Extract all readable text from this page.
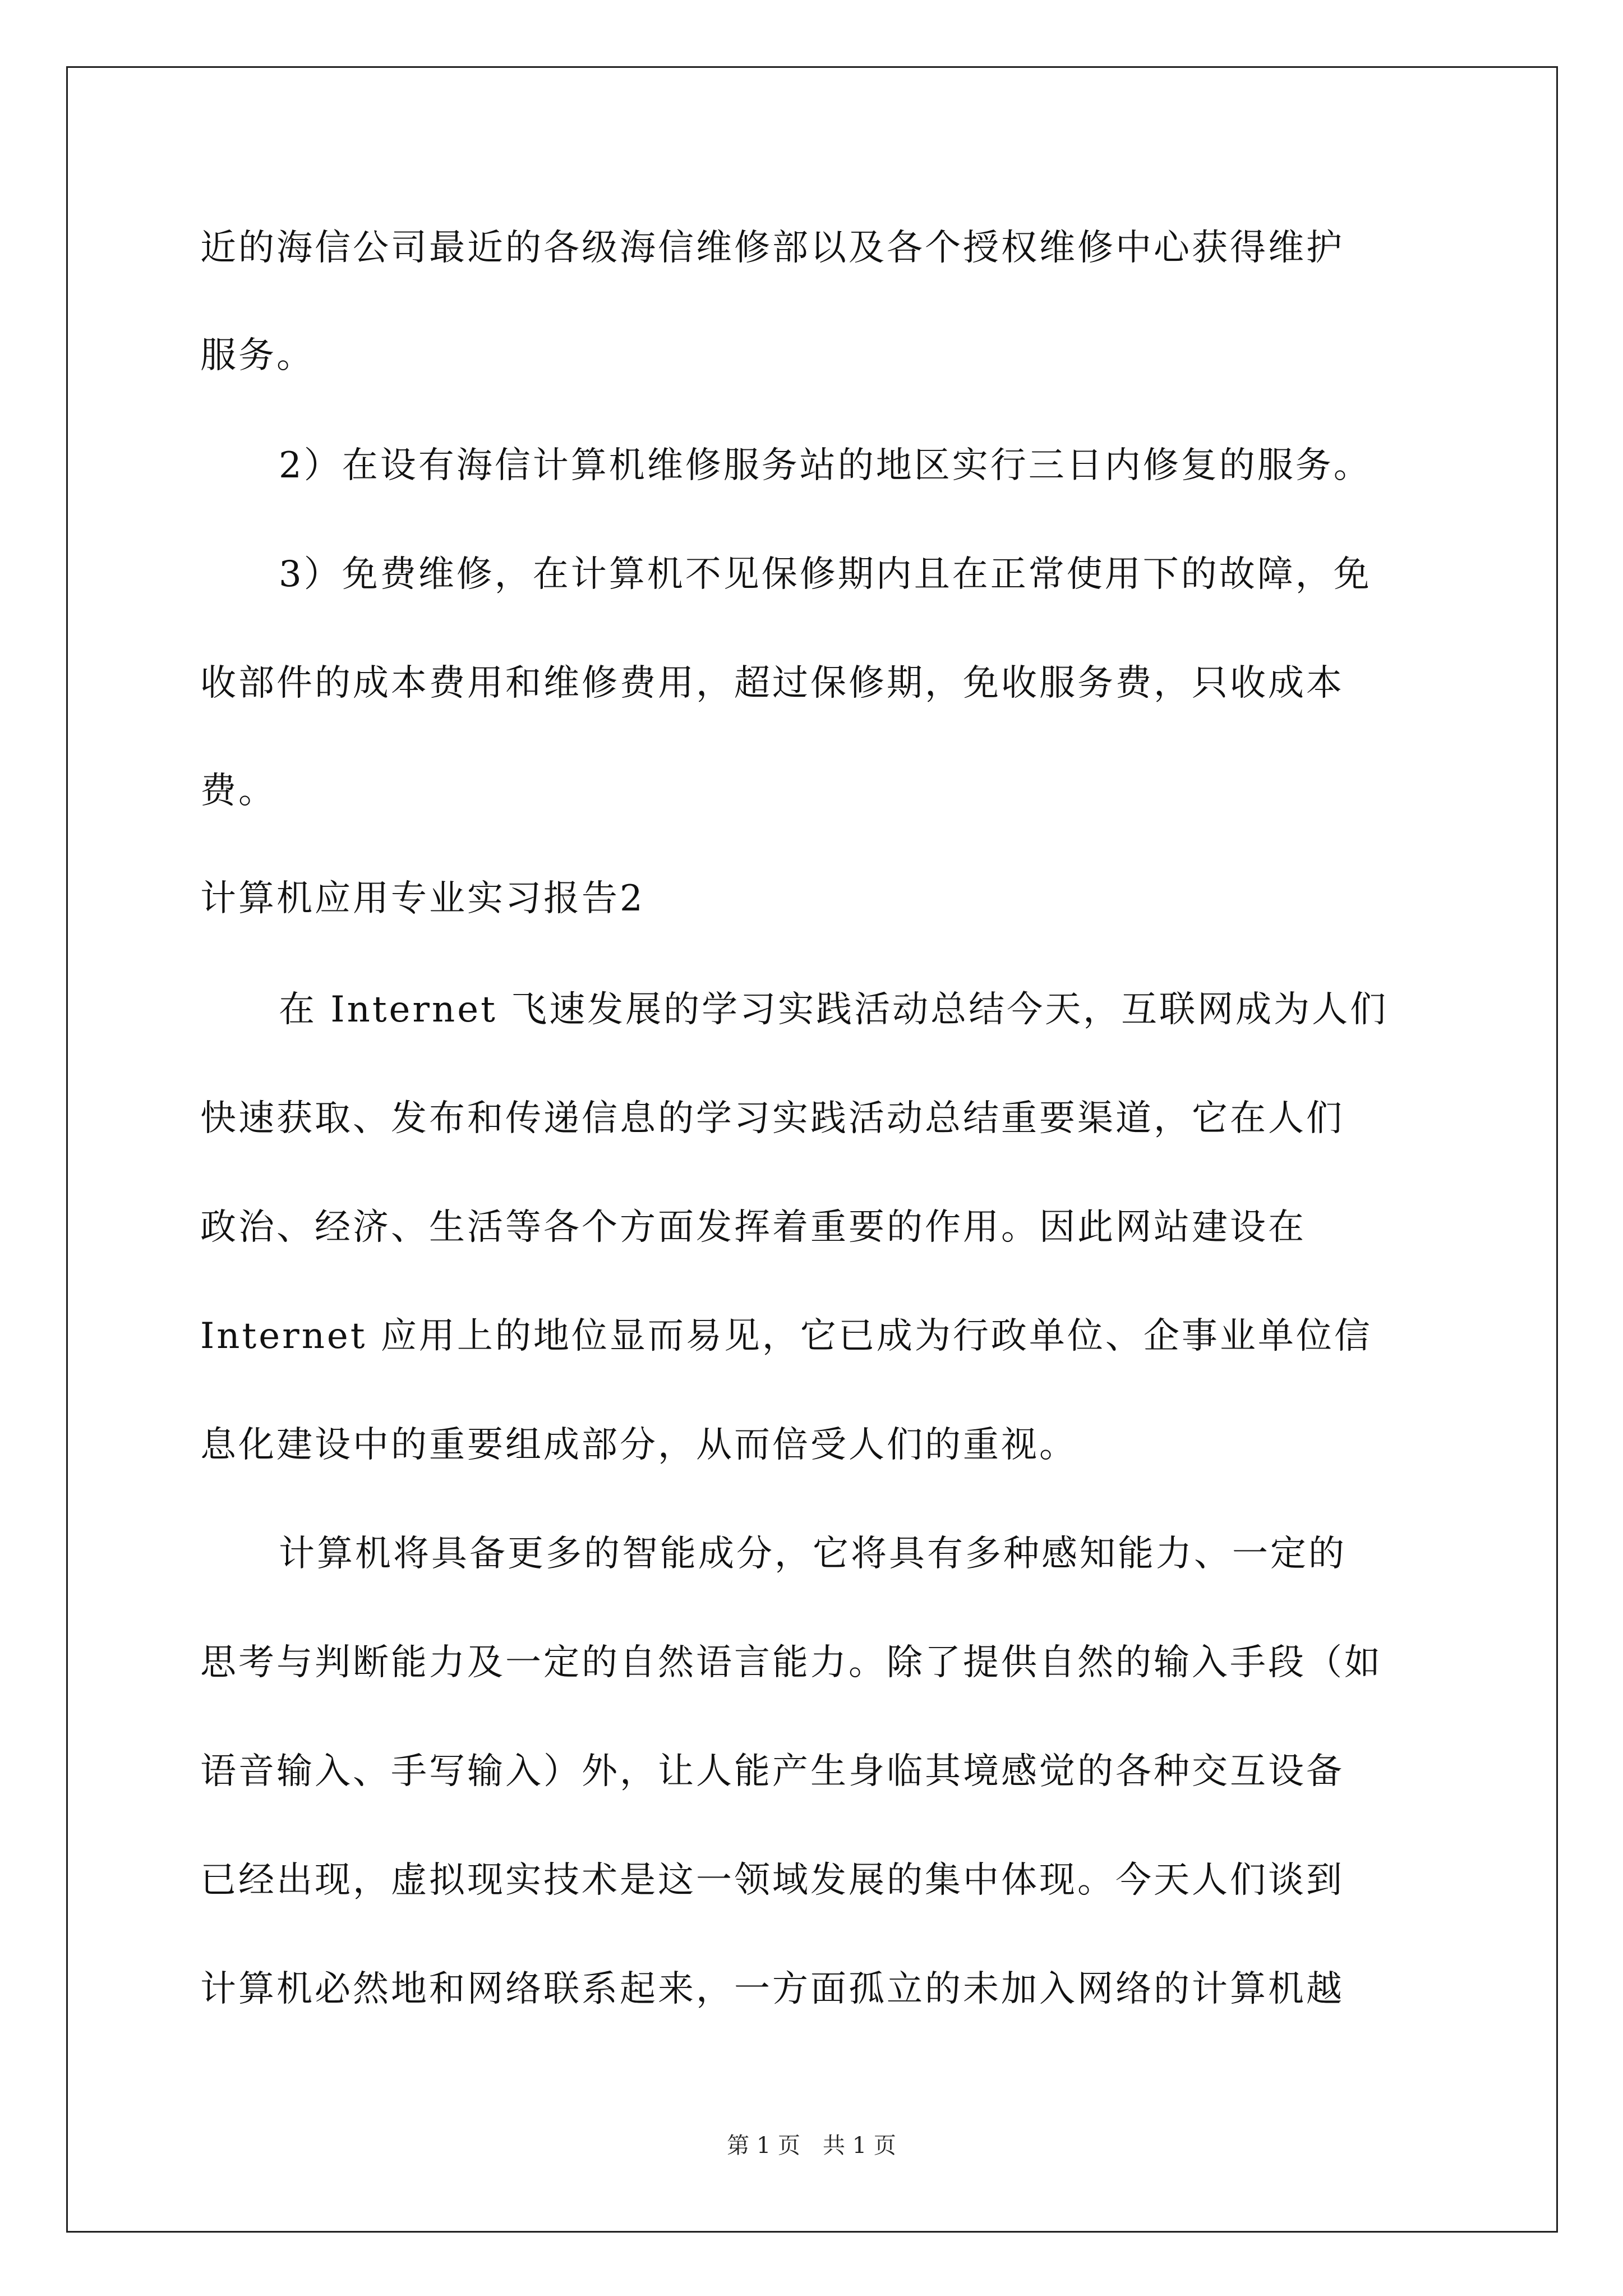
近的海信公司最近的各级海信维修部以及各个授权维修中心获得维护
服务。
2）在设有海信计算机维修服务站的地区实行三日内修复的服务。
3）免费维修，在计算机不见保修期内且在正常使用下的故障，免
收部件的成本费用和维修费用，超过保修期，免收服务费，只收成本
费。
计算机应用专业实习报告2
在 Internet 飞速发展的学习实践活动总结今天，互联网成为人们
快速获取、发布和传递信息的学习实践活动总结重要渠道，它在人们
政治、经济、生活等各个方面发挥着重要的作用。因此网站建设在
Internet 应用上的地位显而易见，它已成为行政单位、企事业单位信
息化建设中的重要组成部分，从而倍受人们的重视。
计算机将具备更多的智能成分，它将具有多种感知能力、一定的
思考与判断能力及一定的自然语言能力。除了提供自然的输入手段（如
语音输入、手写输入）外，让人能产生身临其境感觉的各种交互设备
已经出现，虚拟现实技术是这一领域发展的集中体现。今天人们谈到
计算机必然地和网络联系起来，一方面孤立的未加入网络的计算机越
第 1 页　共 1 页
